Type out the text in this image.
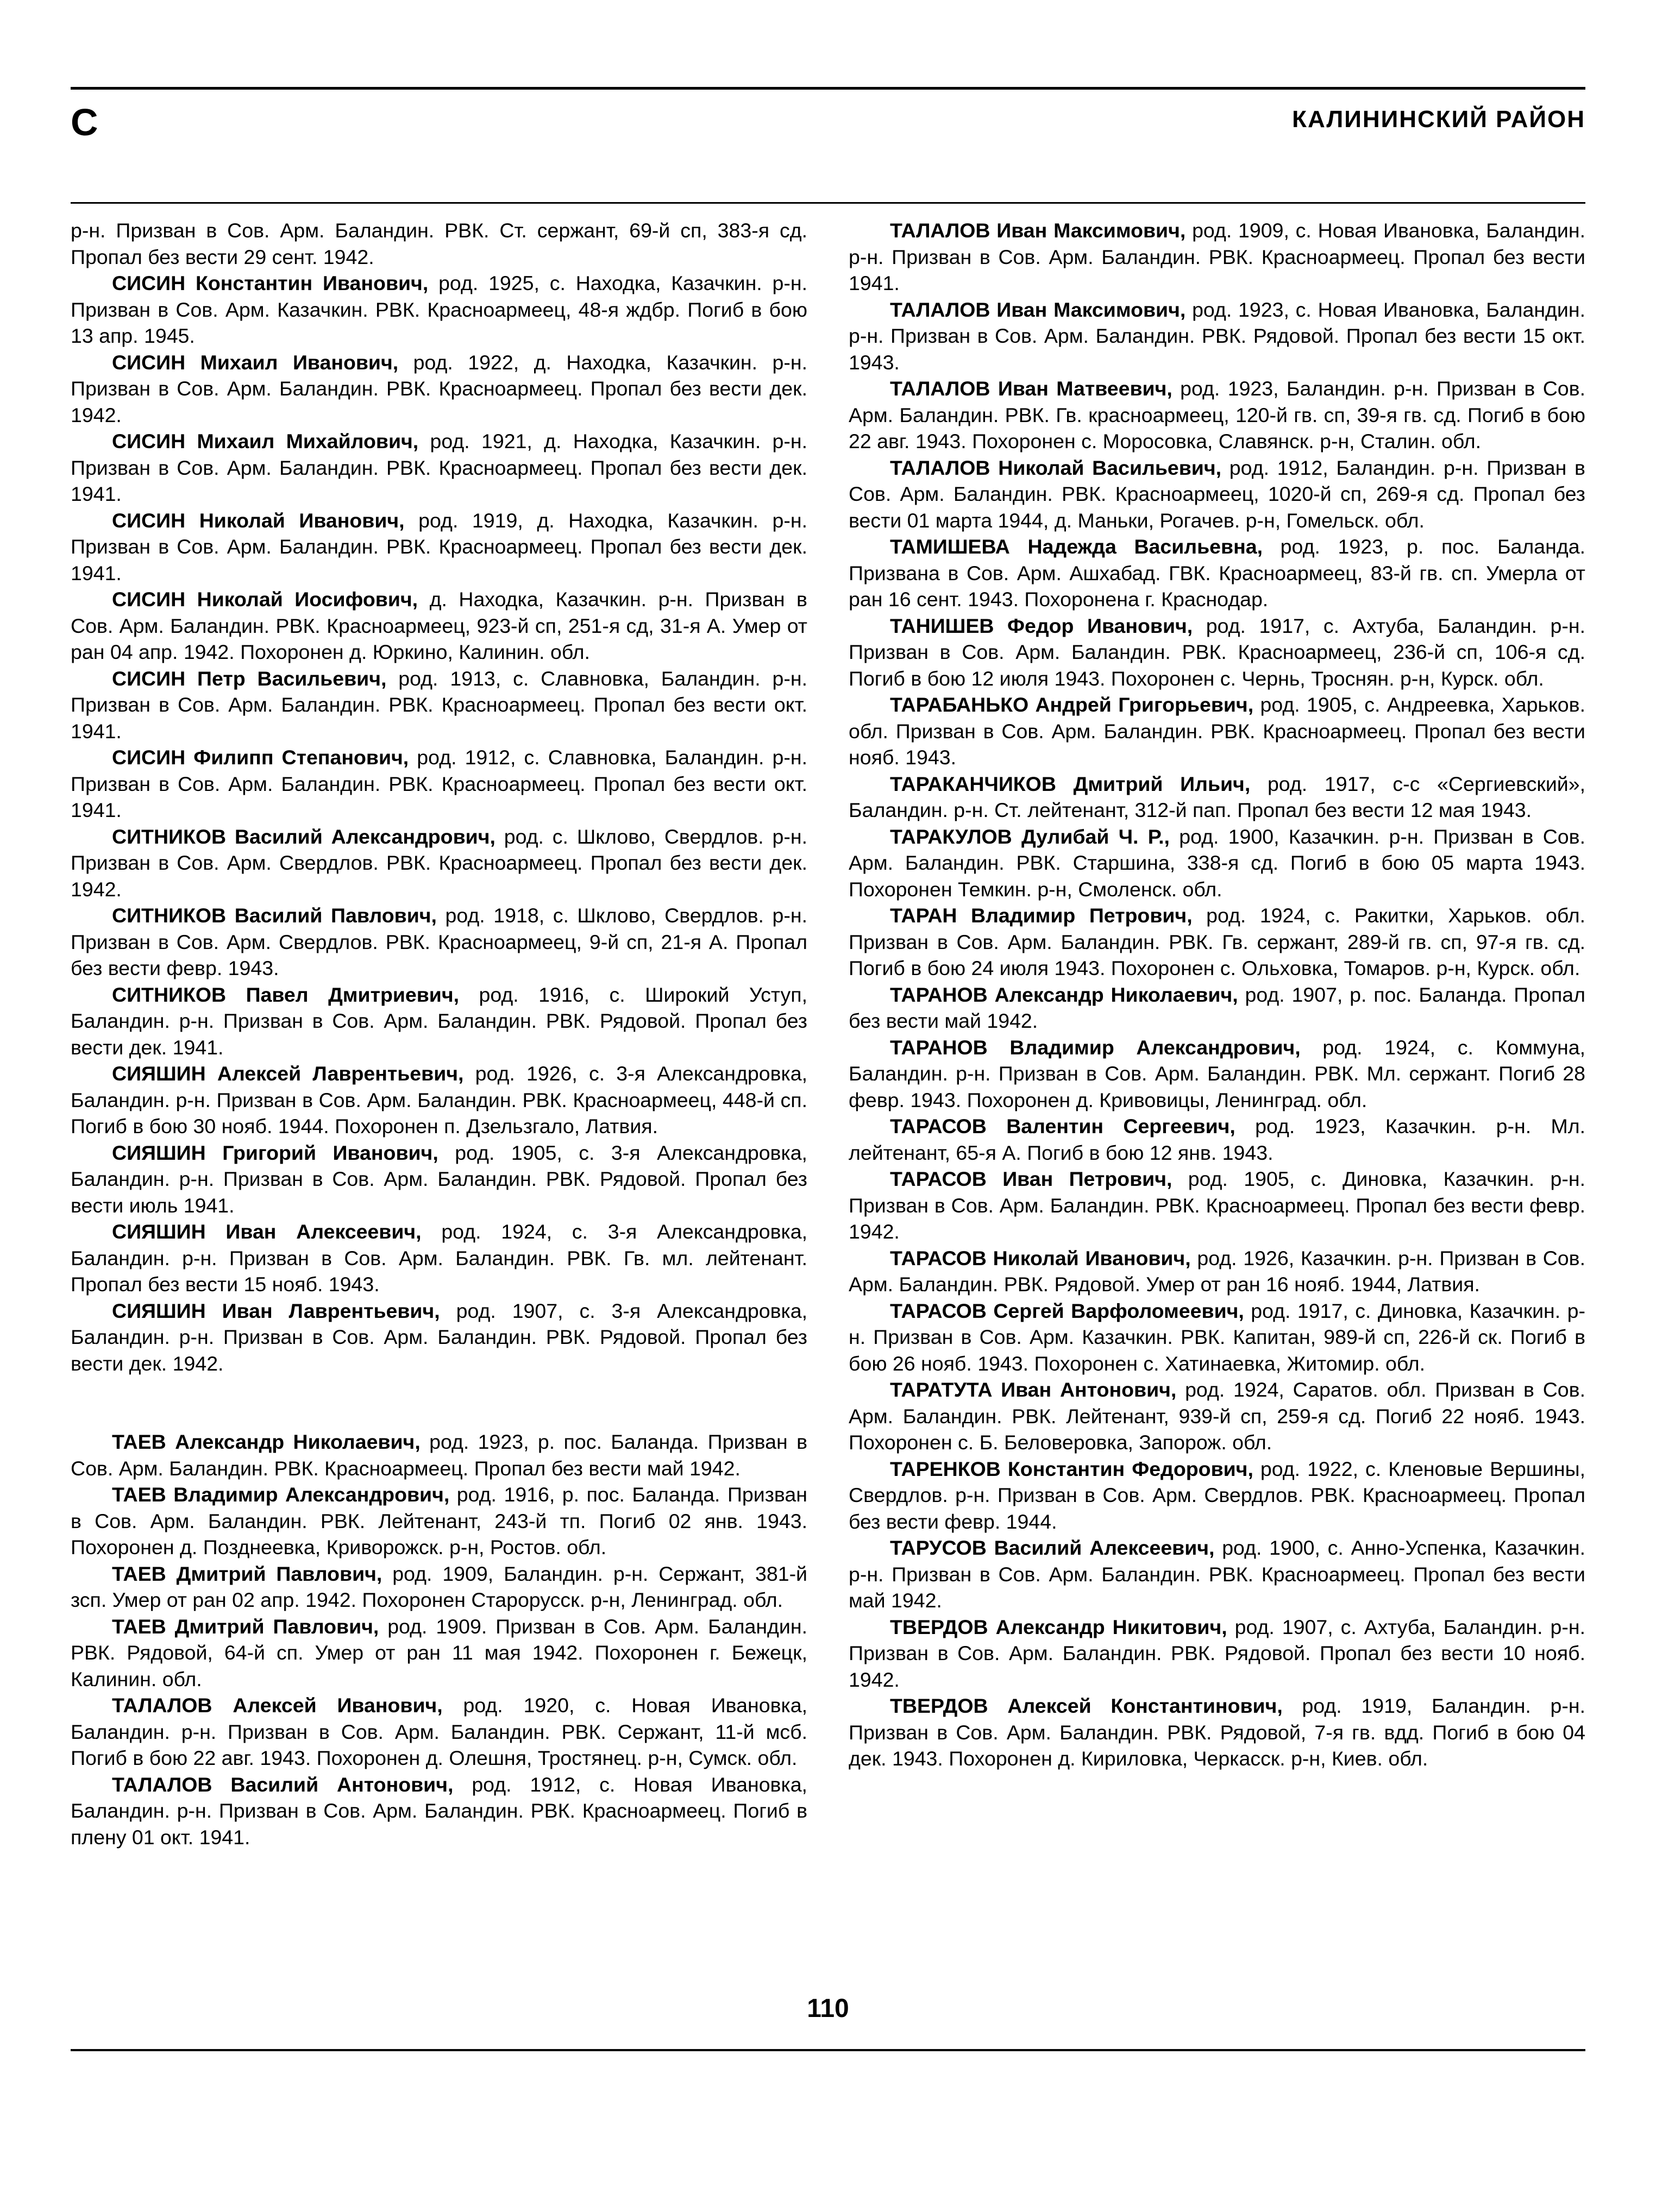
С	КАЛИНИНСКИЙ РАЙОН

р-н. Призван в Сов. Арм. Баландин. РВК. Ст. сержант, 69-й сп, 383-я сд. Пропал без вести 29 сент. 1942.

СИСИН Константин Иванович, род. 1925, с. Находка, Казачкин. р-н. Призван в Сов. Арм. Казачкин. РВК. Красноармеец, 48-я ждбр. Погиб в бою 13 апр. 1945.

СИСИН Михаил Иванович, род. 1922, д. Находка, Казачкин. р-н. Призван в Сов. Арм. Баландин. РВК. Красноармеец. Пропал без вести дек. 1942.

СИСИН Михаил Михайлович, род. 1921, д. Находка, Казачкин. р-н. Призван в Сов. Арм. Баландин. РВК. Красноармеец. Пропал без вести дек. 1941.

СИСИН Николай Иванович, род. 1919, д. Находка, Казачкин. р-н. Призван в Сов. Арм. Баландин. РВК. Красноармеец. Пропал без вести дек. 1941.

СИСИН Николай Иосифович, д. Находка, Казачкин. р-н. Призван в Сов. Арм. Баландин. РВК. Красноармеец, 923-й сп, 251-я сд, 31-я А. Умер от ран 04 апр. 1942. Похоронен д. Юркино, Калинин. обл.

СИСИН Петр Васильевич, род. 1913, с. Славновка, Баландин. р-н. Призван в Сов. Арм. Баландин. РВК. Красноармеец. Пропал без вести окт. 1941.

СИСИН Филипп Степанович, род. 1912, с. Славновка, Баландин. р-н. Призван в Сов. Арм. Баландин. РВК. Красноармеец. Пропал без вести окт. 1941.

СИТНИКОВ Василий Александрович, род. с. Шклово, Свердлов. р-н. Призван в Сов. Арм. Свердлов. РВК. Красноармеец. Пропал без вести дек. 1942.

СИТНИКОВ Василий Павлович, род. 1918, с. Шклово, Свердлов. р-н. Призван в Сов. Арм. Свердлов. РВК. Красноармеец, 9-й сп, 21-я А. Пропал без вести февр. 1943.

СИТНИКОВ Павел Дмитриевич, род. 1916, с. Широкий Уступ, Баландин. р-н. Призван в Сов. Арм. Баландин. РВК. Рядовой. Пропал без вести дек. 1941.

СИЯШИН Алексей Лаврентьевич, род. 1926, с. 3-я Александровка, Баландин. р-н. Призван в Сов. Арм. Баландин. РВК. Красноармеец, 448-й сп. Погиб в бою 30 нояб. 1944. Похоронен п. Дзельзгало, Латвия.

СИЯШИН Григорий Иванович, род. 1905, с. 3-я Александровка, Баландин. р-н. Призван в Сов. Арм. Баландин. РВК. Рядовой. Пропал без вести июль 1941.

СИЯШИН Иван Алексеевич, род. 1924, с. 3-я Александровка, Баландин. р-н. Призван в Сов. Арм. Баландин. РВК. Гв. мл. лейтенант. Пропал без вести 15 нояб. 1943.

СИЯШИН Иван Лаврентьевич, род. 1907, с. 3-я Александровка, Баландин. р-н. Призван в Сов. Арм. Баландин. РВК. Рядовой. Пропал без вести дек. 1942.

ТАЕВ Александр Николаевич, род. 1923, р. пос. Баланда. Призван в Сов. Арм. Баландин. РВК. Красноармеец. Пропал без вести май 1942.

ТАЕВ Владимир Александрович, род. 1916, р. пос. Баланда. Призван в Сов. Арм. Баландин. РВК. Лейтенант, 243-й тп. Погиб 02 янв. 1943. Похоронен д. Позднеевка, Криворожск. р-н, Ростов. обл.

ТАЕВ Дмитрий Павлович, род. 1909, Баландин. р-н. Сержант, 381-й зсп. Умер от ран 02 апр. 1942. Похоронен Старорусск. р-н, Ленинград. обл.

ТАЕВ Дмитрий Павлович, род. 1909. Призван в Сов. Арм. Баландин. РВК. Рядовой, 64-й сп. Умер от ран 11 мая 1942. Похоронен г. Бежецк, Калинин. обл.

ТАЛАЛОВ Алексей Иванович, род. 1920, с. Новая Ивановка, Баландин. р-н. Призван в Сов. Арм. Баландин. РВК. Сержант, 11-й мсб. Погиб в бою 22 авг. 1943. Похоронен д. Олешня, Тростянец. р-н, Сумск. обл.

ТАЛАЛОВ Василий Антонович, род. 1912, с. Новая Ивановка, Баландин. р-н. Призван в Сов. Арм. Баландин. РВК. Красноармеец. Погиб в плену 01 окт. 1941.

ТАЛАЛОВ Иван Максимович, род. 1909, с. Новая Ивановка, Баландин. р-н. Призван в Сов. Арм. Баландин. РВК. Красноармеец. Пропал без вести 1941.

ТАЛАЛОВ Иван Максимович, род. 1923, с. Новая Ивановка, Баландин. р-н. Призван в Сов. Арм. Баландин. РВК. Рядовой. Пропал без вести 15 окт. 1943.

ТАЛАЛОВ Иван Матвеевич, род. 1923, Баландин. р-н. Призван в Сов. Арм. Баландин. РВК. Гв. красноармеец, 120-й гв. сп, 39-я гв. сд. Погиб в бою 22 авг. 1943. Похоронен с. Моросовка, Славянск. р-н, Сталин. обл.

ТАЛАЛОВ Николай Васильевич, род. 1912, Баландин. р-н. Призван в Сов. Арм. Баландин. РВК. Красноармеец, 1020-й сп, 269-я сд. Пропал без вести 01 марта 1944, д. Маньки, Рогачев. р-н, Гомельск. обл.

ТАМИШЕВА Надежда Васильевна, род. 1923, р. пос. Баланда. Призвана в Сов. Арм. Ашхабад. ГВК. Красноармеец, 83-й гв. сп. Умерла от ран 16 сент. 1943. Похоронена г. Краснодар.

ТАНИШЕВ Федор Иванович, род. 1917, с. Ахтуба, Баландин. р-н. Призван в Сов. Арм. Баландин. РВК. Красноармеец, 236-й сп, 106-я сд. Погиб в бою 12 июля 1943. Похоронен с. Чернь, Троснян. р-н, Курск. обл.

ТАРАБАНЬКО Андрей Григорьевич, род. 1905, с. Андреевка, Харьков. обл. Призван в Сов. Арм. Баландин. РВК. Красноармеец. Пропал без вести нояб. 1943.

ТАРАКАНЧИКОВ Дмитрий Ильич, род. 1917, с-с «Сергиевский», Баландин. р-н. Ст. лейтенант, 312-й пап. Пропал без вести 12 мая 1943.

ТАРАКУЛОВ Дулибай Ч. Р., род. 1900, Казачкин. р-н. Призван в Сов. Арм. Баландин. РВК. Старшина, 338-я сд. Погиб в бою 05 марта 1943. Похоронен Темкин. р-н, Смоленск. обл.

ТАРАН Владимир Петрович, род. 1924, с. Ракитки, Харьков. обл. Призван в Сов. Арм. Баландин. РВК. Гв. сержант, 289-й гв. сп, 97-я гв. сд. Погиб в бою 24 июля 1943. Похоронен с. Ольховка, Томаров. р-н, Курск. обл.

ТАРАНОВ Александр Николаевич, род. 1907, р. пос. Баланда. Пропал без вести май 1942.

ТАРАНОВ Владимир Александрович, род. 1924, с. Коммуна, Баландин. р-н. Призван в Сов. Арм. Баландин. РВК. Мл. сержант. Погиб 28 февр. 1943. Похоронен д. Кривовицы, Ленинград. обл.

ТАРАСОВ Валентин Сергеевич, род. 1923, Казачкин. р-н. Мл. лейтенант, 65-я А. Погиб в бою 12 янв. 1943.

ТАРАСОВ Иван Петрович, род. 1905, с. Диновка, Казачкин. р-н. Призван в Сов. Арм. Баландин. РВК. Красноармеец. Пропал без вести февр. 1942.

ТАРАСОВ Николай Иванович, род. 1926, Казачкин. р-н. Призван в Сов. Арм. Баландин. РВК. Рядовой. Умер от ран 16 нояб. 1944, Латвия.

ТАРАСОВ Сергей Варфоломеевич, род. 1917, с. Диновка, Казачкин. р-н. Призван в Сов. Арм. Казачкин. РВК. Капитан, 989-й сп, 226-й ск. Погиб в бою 26 нояб. 1943. Похоронен с. Хатинаевка, Житомир. обл.

ТАРАТУТА Иван Антонович, род. 1924, Саратов. обл. Призван в Сов. Арм. Баландин. РВК. Лейтенант, 939-й сп, 259-я сд. Погиб 22 нояб. 1943. Похоронен с. Б. Беловеровка, Запорож. обл.

ТАРЕНКОВ Константин Федорович, род. 1922, с. Кленовые Вершины, Свердлов. р-н. Призван в Сов. Арм. Свердлов. РВК. Красноармеец. Пропал без вести февр. 1944.

ТАРУСОВ Василий Алексеевич, род. 1900, с. Анно-Успенка, Казачкин. р-н. Призван в Сов. Арм. Баландин. РВК. Красноармеец. Пропал без вести май 1942.

ТВЕРДОВ Александр Никитович, род. 1907, с. Ахтуба, Баландин. р-н. Призван в Сов. Арм. Баландин. РВК. Рядовой. Пропал без вести 10 нояб. 1942.

ТВЕРДОВ Алексей Константинович, род. 1919, Баландин. р-н. Призван в Сов. Арм. Баландин. РВК. Рядовой, 7-я гв. вдд. Погиб в бою 04 дек. 1943. Похоронен д. Кириловка, Черкасск. р-н, Киев. обл.

110
